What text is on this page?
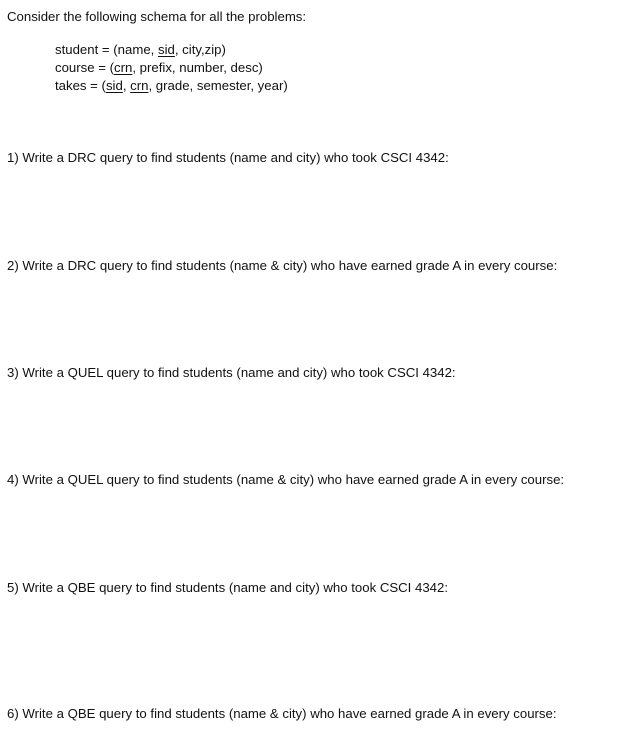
Consider the following schema for all the problems:
student = (name, sid, city,zip)
course = (crn, prefix, number, desc)
takes = (sid, crn, grade, semester, year)
1) Write a DRC query to find students (name and city) who took CSCI 4342:
2) Write a DRC query to find students (name & city) who have earned grade A in every course:
3) Write a QUEL query to find students (name and city) who took CSCI 4342:
4) Write a QUEL query to find students (name & city) who have earned grade A in every course:
5) Write a QBE query to find students (name and city) who took CSCI 4342:
6) Write a QBE query to find students (name & city) who have earned grade A in every course:
